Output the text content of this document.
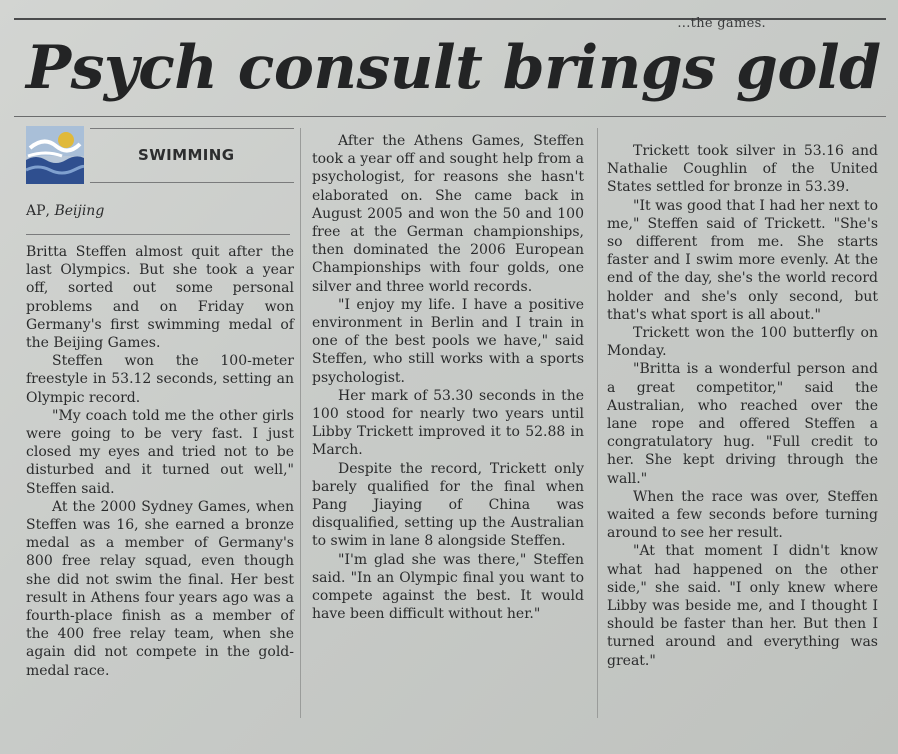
...the games.
Psych consult brings gold
SWIMMING
AP, Beijing

Britta Steffen almost quit after the last Olympics. But she took a year off, sorted out some personal problems and on Friday won Germany's first swimming medal of the Beijing Games.

Steffen won the 100-meter freestyle in 53.12 seconds, setting an Olympic record.

"My coach told me the other girls were going to be very fast. I just closed my eyes and tried not to be disturbed and it turned out well," Steffen said.

At the 2000 Sydney Games, when Steffen was 16, she earned a bronze medal as a member of Germany's 800 free relay squad, even though she did not swim the final. Her best result in Athens four years ago was a fourth-place finish as a member of the 400 free relay team, when she again did not compete in the gold-medal race.

After the Athens Games, Steffen took a year off and sought help from a psychologist, for reasons she hasn't elaborated on. She came back in August 2005 and won the 50 and 100 free at the German championships, then dominated the 2006 European Championships with four golds, one silver and three world records.

"I enjoy my life. I have a positive environment in Berlin and I train in one of the best pools we have," said Steffen, who still works with a sports psychologist.

Her mark of 53.30 seconds in the 100 stood for nearly two years until Libby Trickett improved it to 52.88 in March.

Despite the record, Trickett only barely qualified for the final when Pang Jiaying of China was disqualified, setting up the Australian to swim in lane 8 alongside Steffen.

"I'm glad she was there," Steffen said. "In an Olympic final you want to compete against the best. It would have been difficult without her."

Trickett took silver in 53.16 and Nathalie Coughlin of the United States settled for bronze in 53.39.

"It was good that I had her next to me," Steffen said of Trickett. "She's so different from me. She starts faster and I swim more evenly. At the end of the day, she's the world record holder and she's only second, but that's what sport is all about."

Trickett won the 100 butterfly on Monday.

"Britta is a wonderful person and a great competitor," said the Australian, who reached over the lane rope and offered Steffen a congratulatory hug. "Full credit to her. She kept driving through the wall."

When the race was over, Steffen waited a few seconds before turning around to see her result.

"At that moment I didn't know what had happened on the other side," she said. "I only knew where Libby was beside me, and I thought I should be faster than her. But then I turned around and everything was great."
